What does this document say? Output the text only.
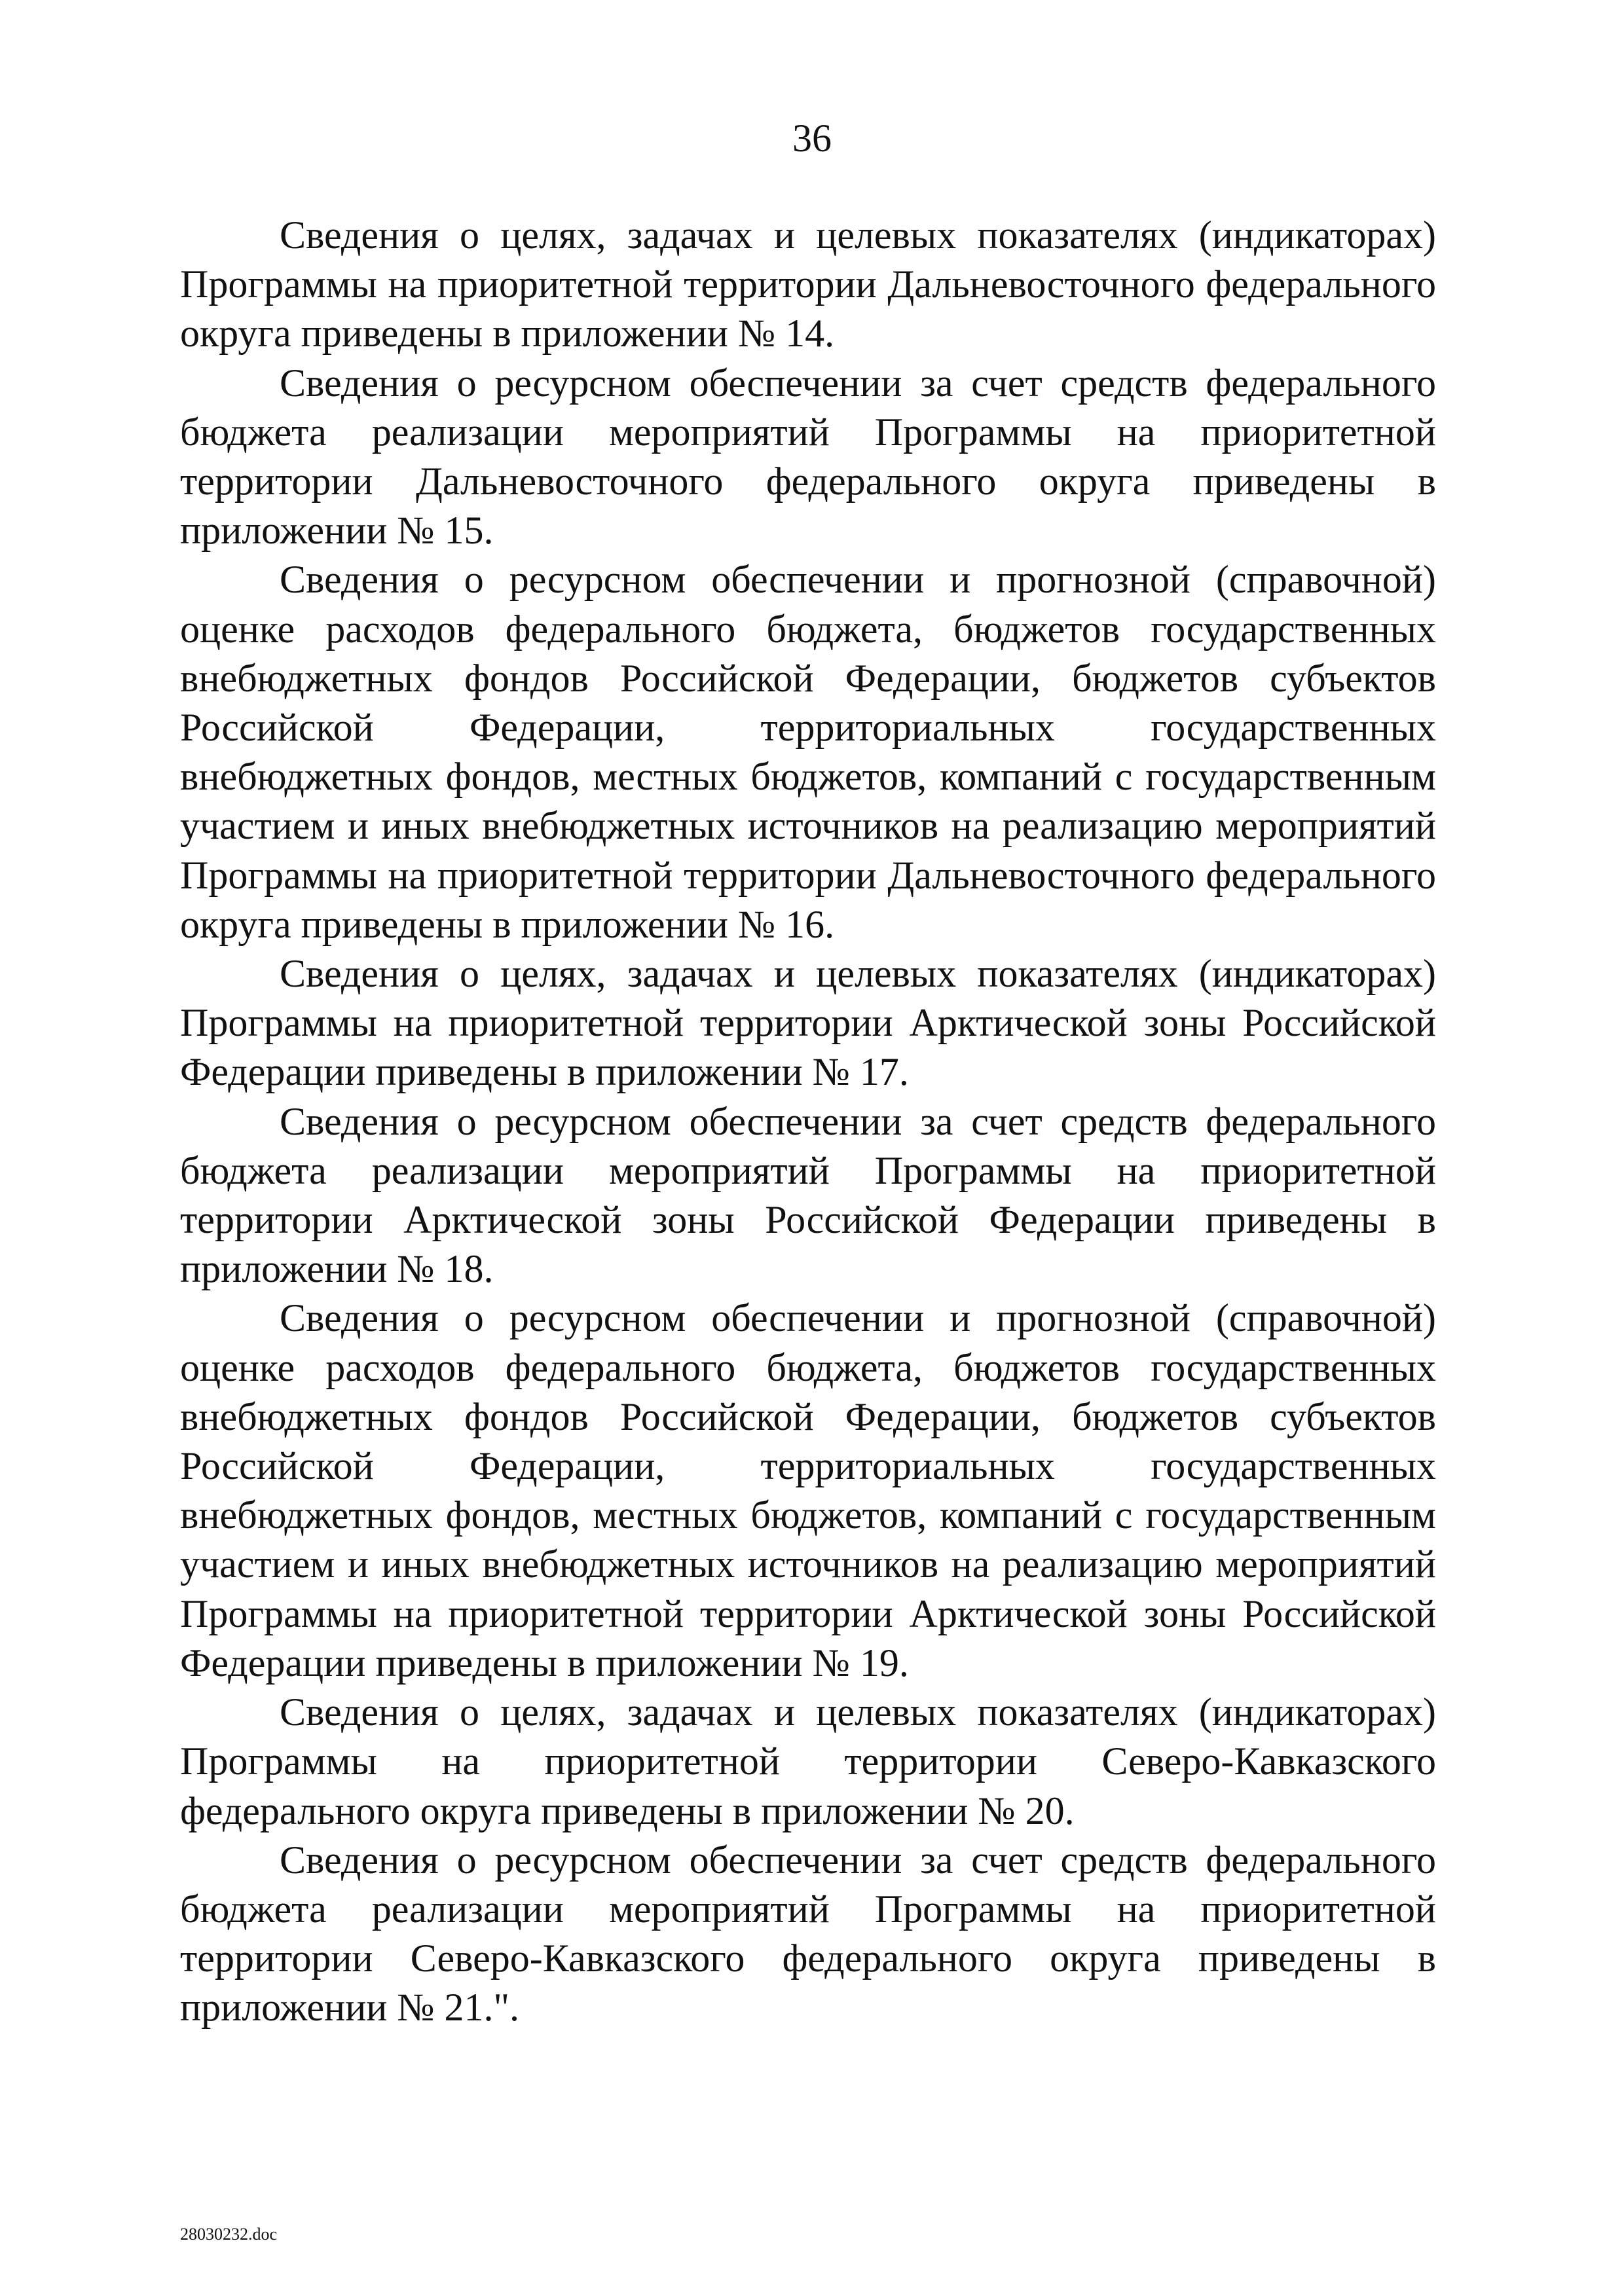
36

Сведения о целях, задачах и целевых показателях (индикаторах) Программы на приоритетной территории Дальневосточного федерального округа приведены в приложении № 14.

Сведения о ресурсном обеспечении за счет средств федерального бюджета реализации мероприятий Программы на приоритетной территории Дальневосточного федерального округа приведены в приложении № 15.

Сведения о ресурсном обеспечении и прогнозной (справочной) оценке расходов федерального бюджета, бюджетов государственных внебюджетных фондов Российской Федерации, бюджетов субъектов Российской Федерации, территориальных государственных внебюджетных фондов, местных бюджетов, компаний с государственным участием и иных внебюджетных источников на реализацию мероприятий Программы на приоритетной территории Дальневосточного федерального округа приведены в приложении № 16.

Сведения о целях, задачах и целевых показателях (индикаторах) Программы на приоритетной территории Арктической зоны Российской Федерации приведены в приложении № 17.

Сведения о ресурсном обеспечении за счет средств федерального бюджета реализации мероприятий Программы на приоритетной территории Арктической зоны Российской Федерации приведены в приложении № 18.

Сведения о ресурсном обеспечении и прогнозной (справочной) оценке расходов федерального бюджета, бюджетов государственных внебюджетных фондов Российской Федерации, бюджетов субъектов Российской Федерации, территориальных государственных внебюджетных фондов, местных бюджетов, компаний с государственным участием и иных внебюджетных источников на реализацию мероприятий Программы на приоритетной территории Арктической зоны Российской Федерации приведены в приложении № 19.

Сведения о целях, задачах и целевых показателях (индикаторах) Программы на приоритетной территории Северо-Кавказского федерального округа приведены в приложении № 20.

Сведения о ресурсном обеспечении за счет средств федерального бюджета реализации мероприятий Программы на приоритетной территории Северо-Кавказского федерального округа приведены в приложении № 21.".

28030232.doc
